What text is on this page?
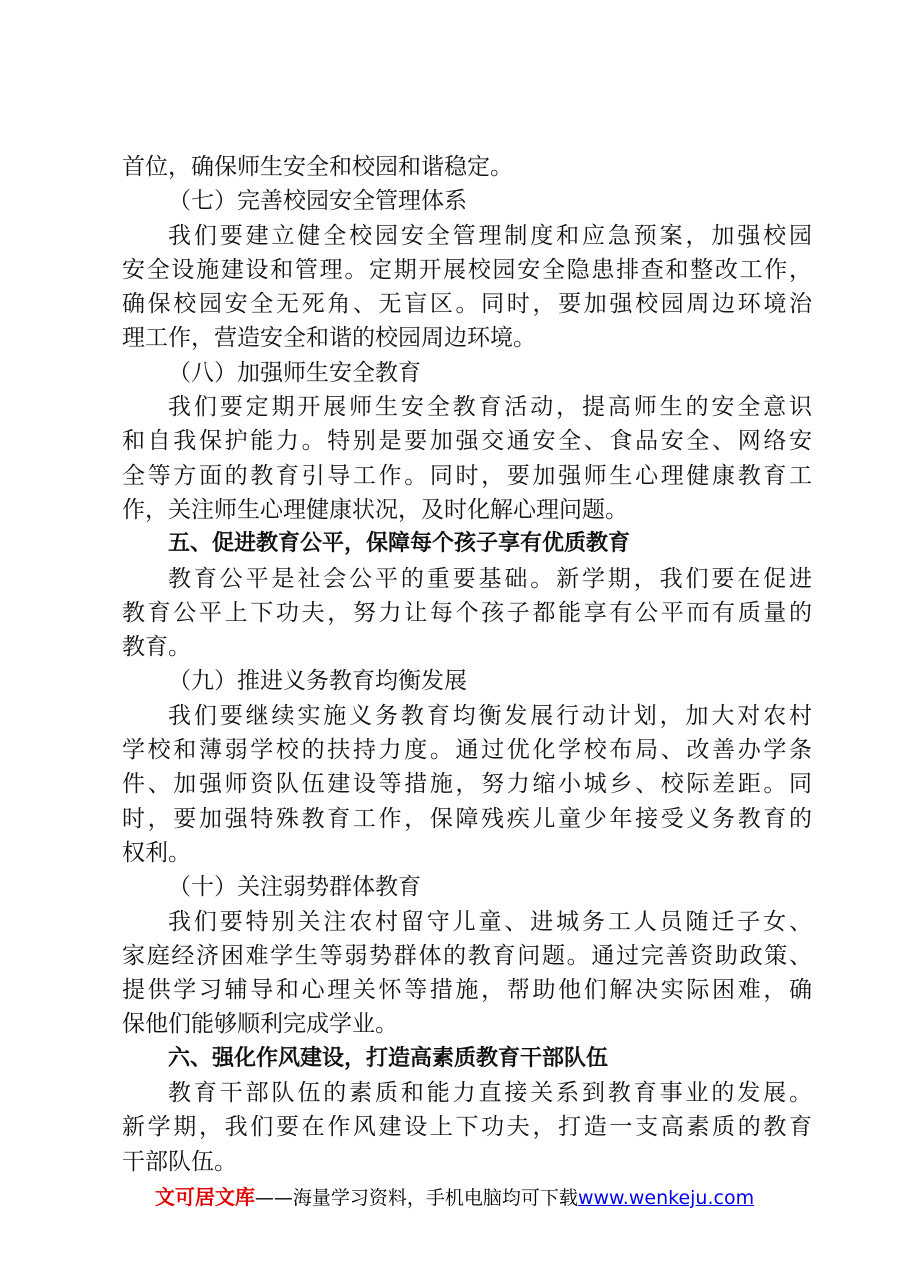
首位，确保师生安全和校园和谐稳定。
（七）完善校园安全管理体系
我们要建立健全校园安全管理制度和应急预案，加强校园
安全设施建设和管理。定期开展校园安全隐患排查和整改工作，
确保校园安全无死角、无盲区。同时，要加强校园周边环境治
理工作，营造安全和谐的校园周边环境。
（八）加强师生安全教育
我们要定期开展师生安全教育活动，提高师生的安全意识
和自我保护能力。特别是要加强交通安全、食品安全、网络安
全等方面的教育引导工作。同时，要加强师生心理健康教育工
作，关注师生心理健康状况，及时化解心理问题。
五、促进教育公平，保障每个孩子享有优质教育
教育公平是社会公平的重要基础。新学期，我们要在促进
教育公平上下功夫，努力让每个孩子都能享有公平而有质量的
教育。
（九）推进义务教育均衡发展
我们要继续实施义务教育均衡发展行动计划，加大对农村
学校和薄弱学校的扶持力度。通过优化学校布局、改善办学条
件、加强师资队伍建设等措施，努力缩小城乡、校际差距。同
时，要加强特殊教育工作，保障残疾儿童少年接受义务教育的
权利。
（十）关注弱势群体教育
我们要特别关注农村留守儿童、进城务工人员随迁子女、
家庭经济困难学生等弱势群体的教育问题。通过完善资助政策、
提供学习辅导和心理关怀等措施，帮助他们解决实际困难，确
保他们能够顺利完成学业。
六、强化作风建设，打造高素质教育干部队伍
教育干部队伍的素质和能力直接关系到教育事业的发展。
新学期，我们要在作风建设上下功夫，打造一支高素质的教育
干部队伍。
文可居文库——海量学习资料，手机电脑均可下载www.wenkeju.com
